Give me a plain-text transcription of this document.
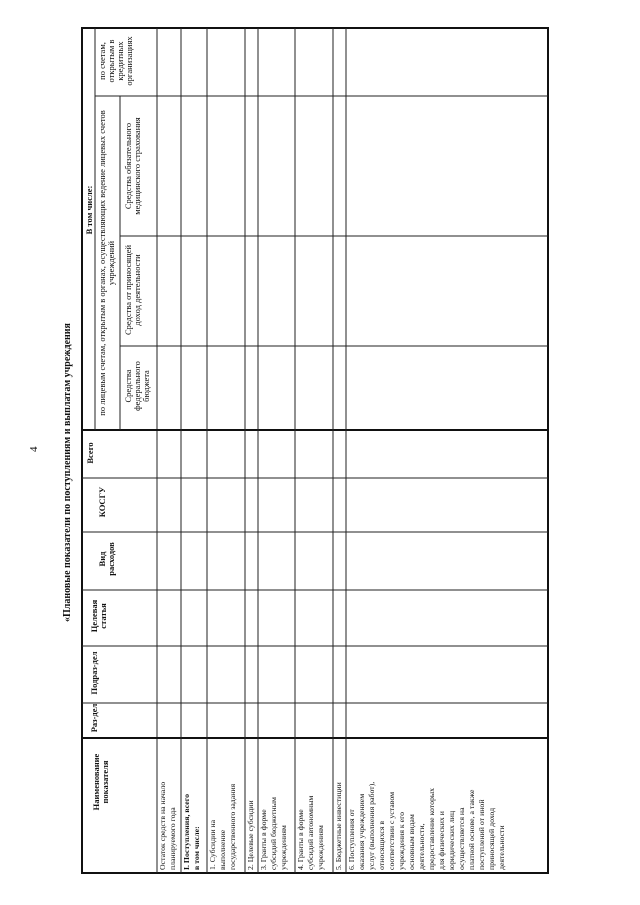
4 «Плановые показатели по поступлениям и выплатам учреждения
Наименование показателя
Раз-дел
Подраз-дел
Целевая статья
Вид расходов
КОСГУ
Всего
В том числе: по лицевым счетам, открытым в органах, осуществляющих ведение лицевых счетов учреждений
Средства федерального бюджета
Средства от приносящей доход деятельности
Средства обязательного медицинского страхования
по счетам, открытым в кредитных организациях
Остаток средств на начало планируемого года I. Поступления, всего в том числе: 1. Субсидии на выполнение государственного задания 2. Целевые субсидии 3. Гранты в форме субсидий бюджетным учреждениям 4. Гранты в форме субсидий автономным учреждениям 5. Бюджетные инвестиции 6. Поступления от оказания учреждением услуг (выполнения работ), относящихся в соответствии с уставом учреждения к его основным видам деятельности, предоставление которых для физических и юридических лиц осуществляется на платной основе, а также поступлений от иной приносящей доход деятельности
